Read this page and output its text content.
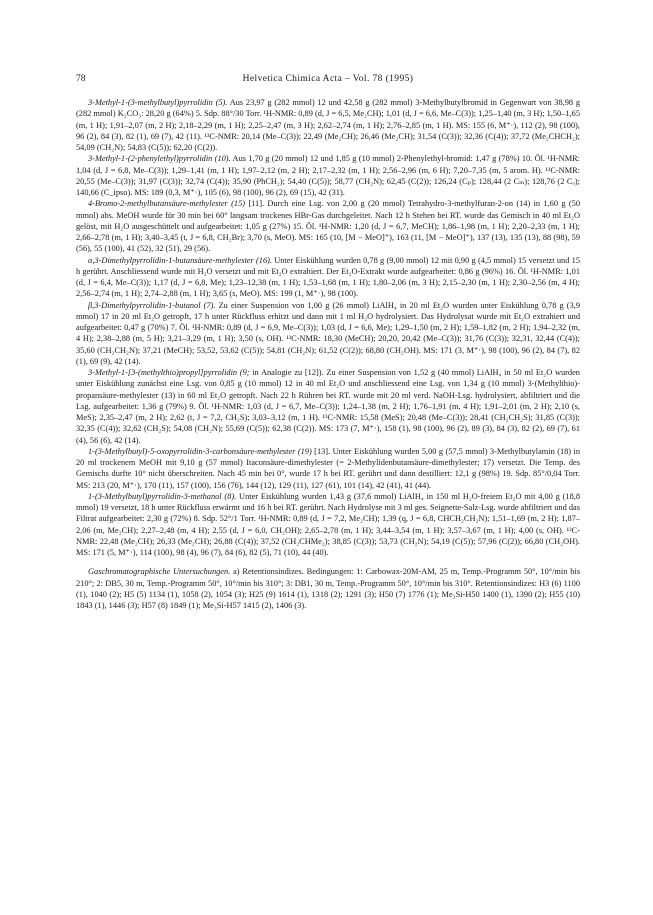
78	Helvetica Chimica Acta – Vol. 78 (1995)

3-Methyl-1-(3-methylbutyl)pyrrolidin (5). Aus 23,97 g (282 mmol) 12 und 42,58 g (282 mmol) 3-Methylbutylbromid in Gegenwart von 38,98 g (282 mmol) K₂CO₃: 28,20 g (64%) 5. Sdp. 88°/30 Torr. ¹H-NMR: 0,89 (d, J = 6,5, Me₂CH); 1,01 (d, J = 6,6, Me–C(3)); 1,25–1,40 (m, 3 H); 1,50–1,65 (m, 1 H); 1,91–2,07 (m, 2 H); 2,18–2,29 (m, 1 H); 2,25–2,47 (m, 3 H); 2,62–2,74 (m, 1 H); 2,76–2,85 (m, 1 H). MS: 155 (6, M⁺·), 112 (2), 98 (100), 96 (2), 84 (3), 82 (1), 69 (7), 42 (11). ¹³C-NMR: 20,14 (Me–C(3)); 22,49 (Me₂CH); 26,46 (Me₂CH); 31,54 (C(3)); 32,36 (C(4)); 37,72 (Me₂CHCH₂); 54,09 (CH₂N); 54,83 (C(5)); 62,20 (C(2)).

3-Methyl-1-(2-phenylethyl)pyrrolidin (10). Aus 1,70 g (20 mmol) 12 und 1,85 g (10 mmol) 2-Phenylethyl-bromid: 1,47 g (78%) 10. Öl. ¹H-NMR: 1,04 (d, J = 6,8, Me–C(3)); 1,29–1,41 (m, 1 H); 1,97–2,12 (m, 2 H); 2,17–2,32 (m, 1 H); 2,56–2,96 (m, 6 H); 7,20–7,35 (m, 5 arom. H). ¹³C-NMR: 20,55 (Me–C(3)); 31,97 (C(3)); 32,74 (C(4)); 35,90 (PhCH₂); 54,40 (C(5)); 58,77 (CH₂N); 62,45 (C(2)); 126,24 (Cₚ); 128,44 (2 Cₘ); 128,76 (2 Cₒ); 140,66 (C_ipso). MS: 189 (0,3, M⁺·), 105 (6), 98 (100), 96 (2), 69 (15), 42 (31).

4-Bromo-2-methylbutansäure-methylester (15) [11]. Durch eine Lsg. von 2,00 g (20 mmol) Tetrahydro-3-methylfuran-2-on (14) in 1,60 g (50 mmol) abs. MeOH wurde für 30 min bei 60° langsam trockenes HBr-Gas durchgeleitet. Nach 12 h Stehen bei RT. wurde das Gemisch in 40 ml Et₂O gelöst, mit H₂O ausgeschüttelt und aufgearbeitet: 1,05 g (27%) 15. Öl. ¹H-NMR: 1,20 (d, J = 6,7, MeCH); 1,86–1,98 (m, 1 H); 2,20–2,33 (m, 1 H); 2,66–2,78 (m, 1 H); 3,40–3,45 (t, J = 6,8, CH₂Br); 3,70 (s, MeO). MS: 165 (10, [M − MeO]⁺), 163 (11, [M − MeO]⁺), 137 (13), 135 (13), 88 (98), 59 (56), 55 (100), 41 (52), 32 (51), 29 (56).

α,3-Dimethylpyrrolidin-1-butansäure-methylester (16). Unter Eiskühlung wurden 0,78 g (9,00 mmol) 12 mit 0,90 g (4,5 mmol) 15 versetzt und 15 h gerührt. Anschliessend wurde mit H₂O versetzt und mit Et₂O extrahiert. Der Et₂O-Extrakt wurde aufgearbeitet: 0,86 g (96%) 16. Öl. ¹H-NMR: 1,01 (d, J = 6,4, Me–C(3)); 1,17 (d, J = 6,8, Me); 1,23–12,38 (m, 1 H); 1,53–1,68 (m, 1 H); 1,80–2,06 (m, 3 H); 2,15–2,30 (m, 1 H); 2,30–2,56 (m, 4 H); 2,56–2,74 (m, 1 H); 2,74–2,88 (m, 1 H); 3,65 (s, MeO). MS: 199 (1, M⁺·), 98 (100).

β,3-Dimethylpyrrolidin-1-butanol (7). Zu einer Suspension von 1,00 g (26 mmol) LiAlH₄ in 20 ml Et₂O wurden unter Eiskühlung 0,78 g (3,9 mmol) 17 in 20 ml Et₂O getropft, 17 h unter Rückfluss erhitzt und dann mit 1 ml H₂O hydrolysiert. Das Hydrolysat wurde mit Et₂O extrahiert und aufgearbeitet: 0,47 g (70%) 7. Öl. ¹H-NMR: 0,89 (d, J = 6,9, Me–C(3)); 1,03 (d, J = 6,6, Me); 1,29–1,50 (m, 2 H); 1,59–1,82 (m, 2 H); 1,94–2,32 (m, 4 H); 2,38–2,88 (m, 5 H); 3,21–3,29 (m, 1 H); 3,50 (s, OH). ¹³C-NMR: 18,30 (MeCH); 20,20, 20,42 (Me–C(3)); 31,76 (C(3)); 32,31, 32,44 (C(4)); 35,60 (CH₂CH₂N); 37,21 (MeCH); 53,52, 53,62 (C(5)); 54,81 (CH₂N); 61,52 (C(2)); 68,80 (CH₂OH). MS: 171 (3, M⁺·), 98 (100), 96 (2), 84 (7), 82 (1), 69 (9), 42 (14).

3-Methyl-1-[3-(methylthio)propyl]pyrrolidin (9; in Analogie zu [12]). Zu einer Suspension von 1,52 g (40 mmol) LiAlH₄ in 50 ml Et₂O wurden unter Eiskühlung zunächst eine Lsg. von 0,85 g (10 mmol) 12 in 40 ml Et₂O und anschliessend eine Lsg. von 1,34 g (10 mmol) 3-(Methylthio)-propansäure-methylester (13) in 60 ml Et₂O getropft. Nach 22 h Rühren bei RT. wurde mit 20 ml verd. NaOH-Lsg. hydrolysiert, abfiltriert und die Lsg. aufgearbeitet: 1,36 g (79%) 9. Öl. ¹H-NMR: 1,03 (d, J = 6,7, Me–C(3)); 1,24–1,38 (m, 2 H); 1,76–1,91 (m, 4 H); 1,91–2,01 (m, 2 H); 2,10 (s, MeS); 2,35–2,47 (m, 2 H); 2,62 (t, J = 7,2, CH₂S); 3,03–3,12 (m, 1 H). ¹³C-NMR: 15,58 (MeS); 20,48 (Me–C(3)); 28,41 (CH₂CH₂S); 31,85 (C(3)); 32,35 (C(4)); 32,62 (CH₂S); 54,08 (CH₂N); 55,69 (C(5)); 62,38 (C(2)). MS: 173 (7, M⁺·), 158 (1), 98 (100), 96 (2), 89 (3), 84 (3), 82 (2), 69 (7), 61 (4), 56 (6), 42 (14).

1-(3-Methylbutyl)-5-oxopyrrolidin-3-carbonsäure-methylester (19) [13]. Unter Eiskühlung wurden 5,00 g (57,5 mmol) 3-Methylbutylamin (18) in 20 ml trockenem MeOH mit 9,10 g (57 mmol) Itaconsäure-dimethylester (= 2-Methylidenbutansäure-dimethylester; 17) versetzt. Die Temp. des Gemischs durfte 10° nicht überschreiten. Nach 45 min bei 0°, wurde 17 h bei RT. gerührt und dann destilliert: 12,1 g (98%) 19. Sdp. 85°/0,04 Torr. MS: 213 (20, M⁺·), 170 (11), 157 (100), 156 (76), 144 (12), 129 (11), 127 (61), 101 (14), 42 (41), 41 (44).

1-(3-Methylbutyl)pyrrolidin-3-methanol (8). Unter Eiskühlung wurden 1,43 g (37,6 mmol) LiAlH₄ in 150 ml H₂O-freiem Et₂O mit 4,00 g (18,8 mmol) 19 versetzt, 18 h unter Rückfluss erwärmt und 16 h bei RT. gerührt. Nach Hydrolyse mit 3 ml ges. Seignette-Salz-Lsg. wurde abfiltriert und das Filtrat aufgearbeitet: 2,30 g (72%) 8. Sdp. 52°/1 Torr. ¹H-NMR: 0,89 (d, J = 7,2, Me₂CH); 1,39 (q, J = 6,8, CHCH₂CH₂N); 1,51–1,69 (m, 2 H); 1,87–2,06 (m, Me₂CH); 2,27–2,48 (m, 4 H); 2,55 (d, J = 6,0, CH₂OH); 2,65–2,78 (m, 1 H); 3,44–3,54 (m, 1 H); 3,57–3,67 (m, 1 H); 4,00 (s, OH). ¹³C-NMR: 22,48 (Me₂CH); 26,33 (Me₂CH); 26,88 (C(4)); 37,52 (CH₂CHMe₂); 38,85 (C(3)); 53,73 (CH₂N); 54,19 (C(5)); 57,96 (C(2)); 66,80 (CH₂OH). MS: 171 (5, M⁺·), 114 (100), 98 (4), 96 (7), 84 (6), 82 (5), 71 (10), 44 (40).

Gaschromatographische Untersuchungen. a) Retentionsindizes. Bedingungen: 1: Carbowax-20M-AM, 25 m, Temp.-Programm 50°, 10°/min bis 210°; 2: DB5, 30 m, Temp.-Programm 50°, 10°/min bis 310°; 3: DB1, 30 m, Temp.-Programm 50°, 10°/min bis 310°. Retentionsindizes: H3 (6) 1100 (1), 1040 (2); H5 (5) 1134 (1), 1058 (2), 1054 (3); H25 (9) 1614 (1), 1318 (2); 1291 (3); H50 (7) 1776 (1); Me₃Si-H50 1400 (1), 1390 (2); H55 (10) 1843 (1), 1446 (3); H57 (8) 1849 (1); Me₃Si-H57 1415 (2), 1406 (3).
